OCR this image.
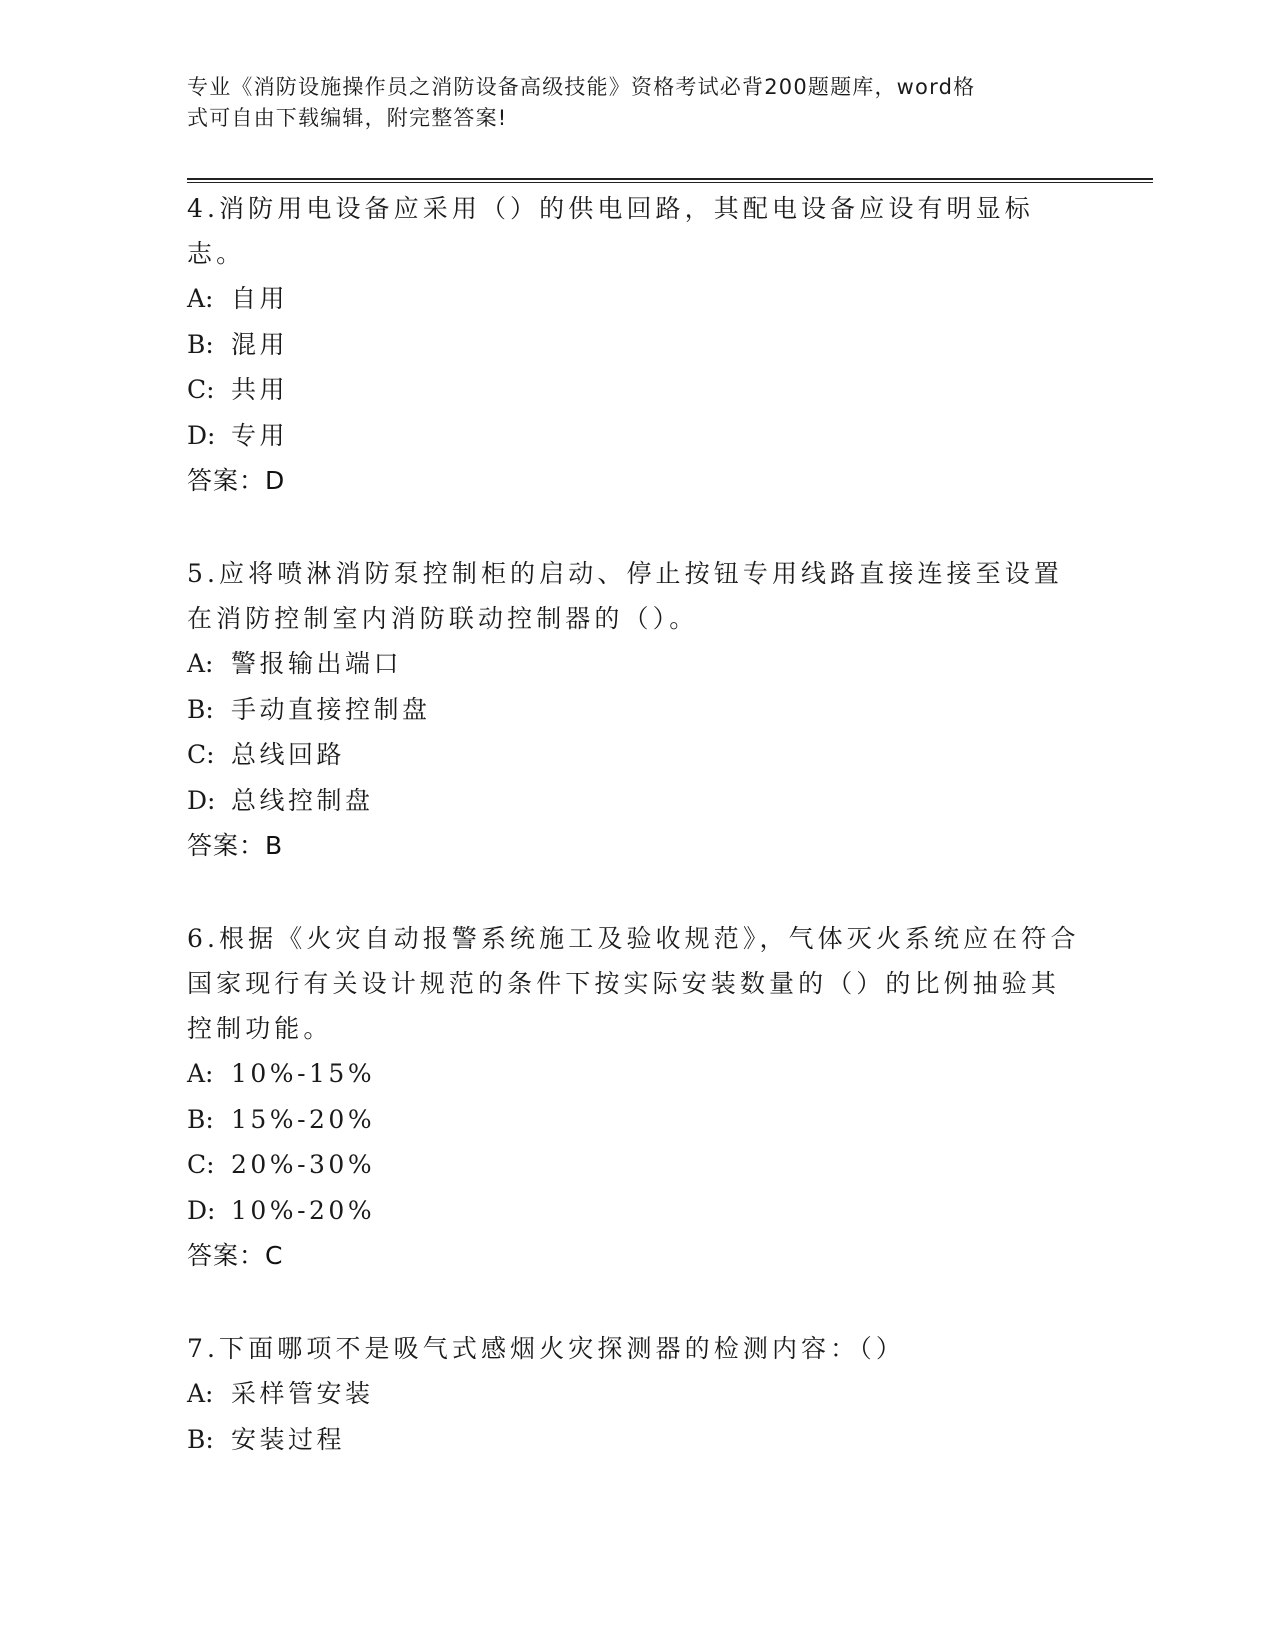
专业《消防设施操作员之消防设备高级技能》资格考试必背200题题库，word格
式可自由下载编辑，附完整答案!

4.消防用电设备应采用（）的供电回路，其配电设备应设有明显标志。

A: 自用
B: 混用
C: 共用
D: 专用
答案：D

5.应将喷淋消防泵控制柜的启动、停止按钮专用线路直接连接至设置在消防控制室内消防联动控制器的（）。

A: 警报输出端口
B: 手动直接控制盘
C: 总线回路
D: 总线控制盘
答案：B

6.根据《火灾自动报警系统施工及验收规范》，气体灭火系统应在符合国家现行有关设计规范的条件下按实际安装数量的（）的比例抽验其控制功能。

A: 10%-15%
B: 15%-20%
C: 20%-30%
D: 10%-20%
答案：C

7.下面哪项不是吸气式感烟火灾探测器的检测内容：（）

A: 采样管安装
B: 安装过程
